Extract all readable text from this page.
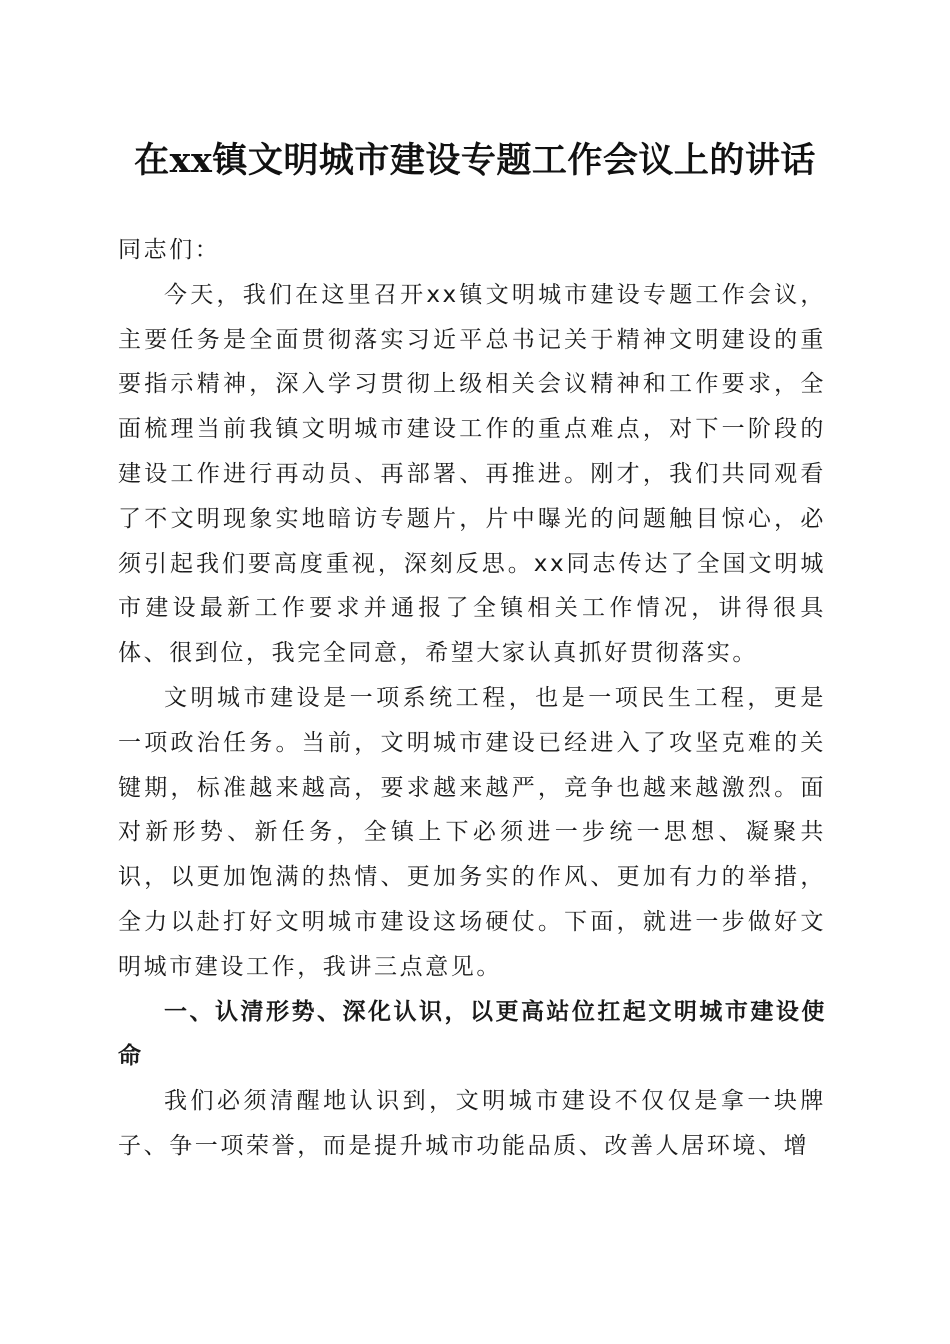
在xx镇文明城市建设专题工作会议上的讲话

同志们：

今天，我们在这里召开xx镇文明城市建设专题工作会议，主要任务是全面贯彻落实习近平总书记关于精神文明建设的重要指示精神，深入学习贯彻上级相关会议精神和工作要求，全面梳理当前我镇文明城市建设工作的重点难点，对下一阶段的建设工作进行再动员、再部署、再推进。刚才，我们共同观看了不文明现象实地暗访专题片，片中曝光的问题触目惊心，必须引起我们要高度重视，深刻反思。xx同志传达了全国文明城市建设最新工作要求并通报了全镇相关工作情况，讲得很具体、很到位，我完全同意，希望大家认真抓好贯彻落实。

文明城市建设是一项系统工程，也是一项民生工程，更是一项政治任务。当前，文明城市建设已经进入了攻坚克难的关键期，标准越来越高，要求越来越严，竞争也越来越激烈。面对新形势、新任务，全镇上下必须进一步统一思想、凝聚共识，以更加饱满的热情、更加务实的作风、更加有力的举措，全力以赴打好文明城市建设这场硬仗。下面，就进一步做好文明城市建设工作，我讲三点意见。

一、认清形势、深化认识，以更高站位扛起文明城市建设使命

我们必须清醒地认识到，文明城市建设不仅仅是拿一块牌子、争一项荣誉，而是提升城市功能品质、改善人居环境、增
